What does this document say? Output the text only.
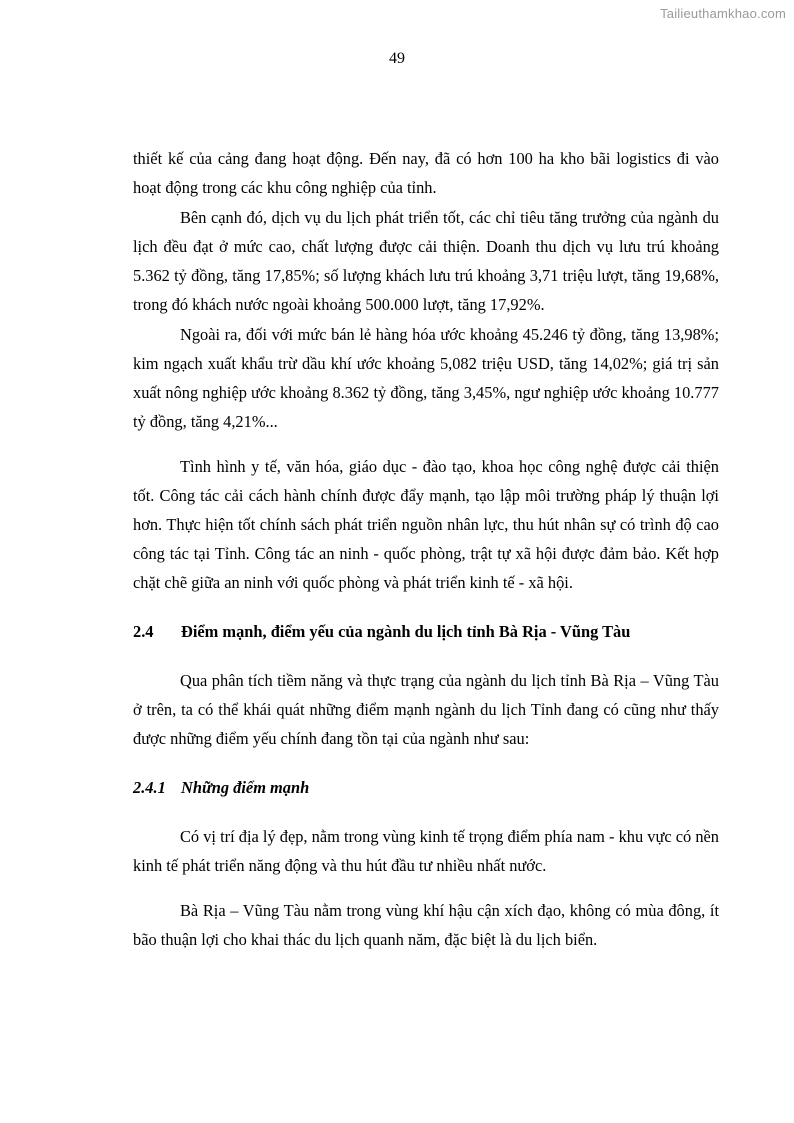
Tailieuthamkhao.com
49

thiết kế của cảng đang hoạt động. Đến nay, đã có hơn 100 ha kho bãi logistics đi vào hoạt động trong các khu công nghiệp của tỉnh.

Bên cạnh đó, dịch vụ du lịch phát triển tốt, các chỉ tiêu tăng trưởng của ngành du lịch đều đạt ở mức cao, chất lượng được cải thiện. Doanh thu dịch vụ lưu trú khoảng 5.362 tỷ đồng, tăng 17,85%; số lượng khách lưu trú khoảng 3,71 triệu lượt, tăng 19,68%, trong đó khách nước ngoài khoảng 500.000 lượt, tăng 17,92%.

Ngoài ra, đối với mức bán lẻ hàng hóa ước khoảng 45.246 tỷ đồng, tăng 13,98%; kim ngạch xuất khẩu trừ dầu khí ước khoảng 5,082 triệu USD, tăng 14,02%; giá trị sản xuất nông nghiệp ước khoảng 8.362 tỷ đồng, tăng 3,45%, ngư nghiệp ước khoảng 10.777 tỷ đồng, tăng 4,21%...

Tình hình y tế, văn hóa, giáo dục - đào tạo, khoa học công nghệ được cải thiện tốt. Công tác cải cách hành chính được đẩy mạnh, tạo lập môi trường pháp lý thuận lợi hơn. Thực hiện tốt chính sách phát triển nguồn nhân lực, thu hút nhân sự có trình độ cao công tác tại Tỉnh. Công tác an ninh - quốc phòng, trật tự xã hội được đảm bảo. Kết hợp chặt chẽ giữa an ninh với quốc phòng và phát triển kinh tế - xã hội.

2.4 Điểm mạnh, điểm yếu của ngành du lịch tỉnh Bà Rịa - Vũng Tàu

Qua phân tích tiềm năng và thực trạng của ngành du lịch tỉnh Bà Rịa – Vũng Tàu ở trên, ta có thể khái quát những điểm mạnh ngành du lịch Tỉnh đang có cũng như thấy được những điểm yếu chính đang tồn tại của ngành như sau:

2.4.1 Những điểm mạnh

Có vị trí địa lý đẹp, nằm trong vùng kinh tế trọng điểm phía nam - khu vực có nền kinh tế phát triển năng động và thu hút đầu tư nhiều nhất nước.

Bà Rịa – Vũng Tàu nằm trong vùng khí hậu cận xích đạo, không có mùa đông, ít bão thuận lợi cho khai thác du lịch quanh năm, đặc biệt là du lịch biển.
